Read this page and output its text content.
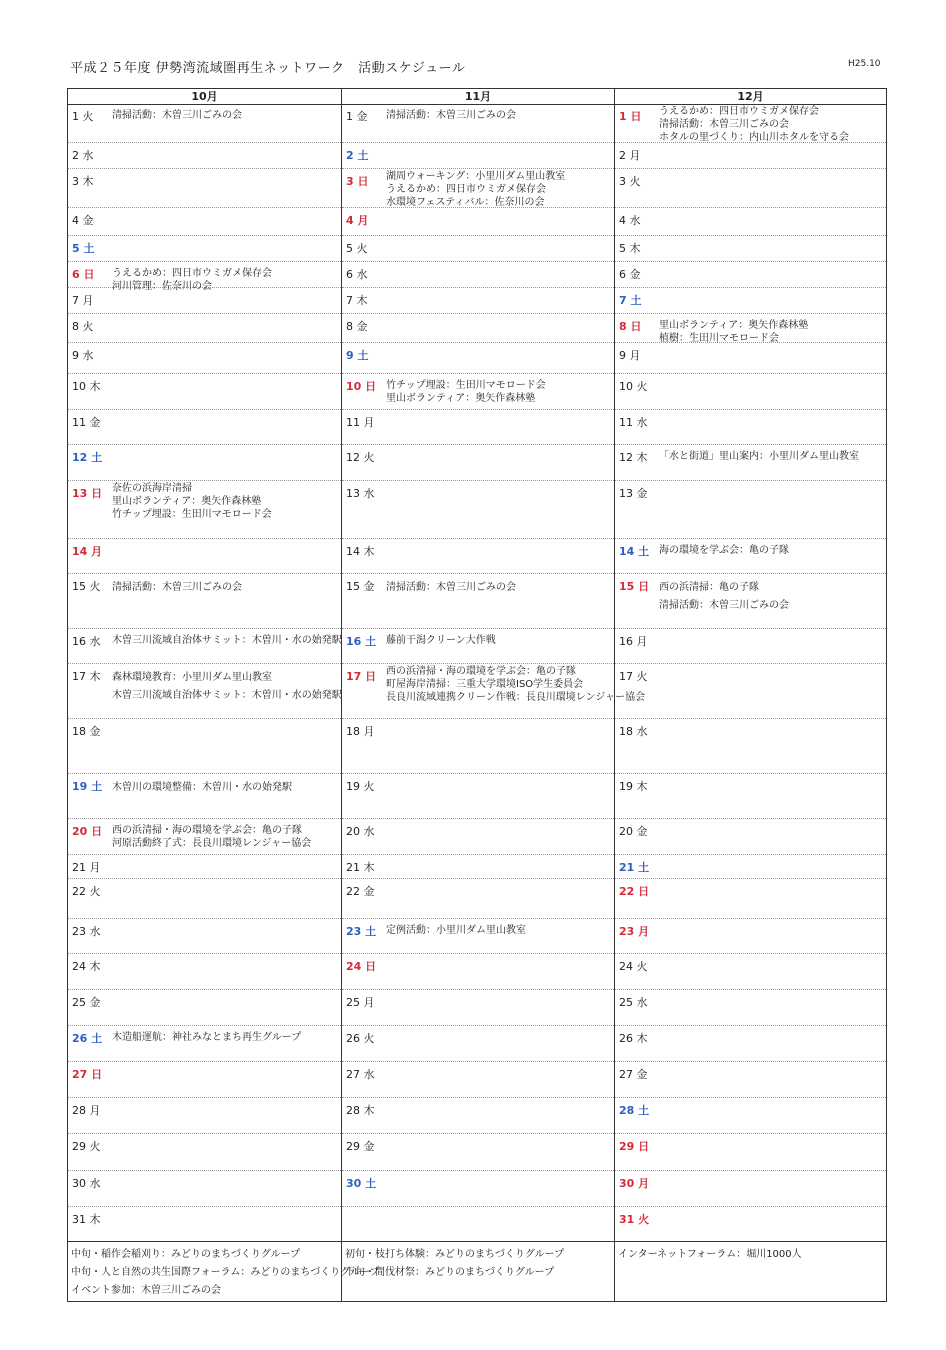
平成２５年度 伊勢湾流域圏再生ネットワーク　活動スケジュール	H25.10
10月
1 火 清掃活動：木曽三川ごみの会
2 水
3 木
4 金
5 土
6 日 うえるかめ：四日市ウミガメ保存会
河川管理：佐奈川の会
7 月
8 火
9 水
10 木
11 金
12 土
13 日 奈佐の浜海岸清掃
里山ボランティア：奥矢作森林塾
竹チップ埋設：生田川マモロード会
14 月
15 火 清掃活動：木曽三川ごみの会
16 水 木曽三川流域自治体サミット：木曽川・水の始発駅
17 木 森林環境教育：小里川ダム里山教室
木曽三川流域自治体サミット：木曽川・水の始発駅
18 金
19 土 木曽川の環境整備：木曽川・水の始発駅
20 日 西の浜清掃・海の環境を学ぶ会：亀の子隊
河原活動終了式：長良川環境レンジャー協会
21 月
22 火
23 水
24 木
25 金
26 土 木造船運航：神社みなとまち再生グループ
27 日
28 月
29 火
30 水
31 木
中旬・稲作会稲刈り：みどりのまちづくりグループ
中旬・人と自然の共生国際フォーラム：みどりのまちづくりグループ
イベント参加：木曽三川ごみの会
11月
1 金 清掃活動：木曽三川ごみの会
2 土
3 日 湖周ウォーキング：小里川ダム里山教室
うえるかめ：四日市ウミガメ保存会
水環境フェスティバル：佐奈川の会
4 月
5 火
6 水
7 木
8 金
9 土
10 日 竹チップ埋設：生田川マモロード会
里山ボランティア：奥矢作森林塾
11 月
12 火
13 水
14 木
15 金 清掃活動：木曽三川ごみの会
16 土 藤前干潟クリーン大作戦
17 日 西の浜清掃・海の環境を学ぶ会：亀の子隊
町屋海岸清掃：三重大学環境ISO学生委員会
長良川流域連携クリーン作戦：長良川環境レンジャー協会
18 月
19 火
20 水
21 木
22 金
23 土 定例活動：小里川ダム里山教室
24 日
25 月
26 火
27 水
28 木
29 金
30 土
初旬・枝打ち体験：みどりのまちづくりグループ
下旬・間伐材祭：みどりのまちづくりグループ
12月
1 日 うえるかめ：四日市ウミガメ保存会
清掃活動：木曽三川ごみの会
ホタルの里づくり：内山川ホタルを守る会
2 月
3 火
4 水
5 木
6 金
7 土
8 日 里山ボランティア：奥矢作森林塾
植樹：生田川マモロード会
9 月
10 火
11 水
12 木 「水と街道」里山案内：小里川ダム里山教室
13 金
14 土 海の環境を学ぶ会：亀の子隊
15 日 西の浜清掃：亀の子隊
清掃活動：木曽三川ごみの会
16 月
17 火
18 水
19 木
20 金
21 土
22 日
23 月
24 火
25 水
26 木
27 金
28 土
29 日
30 月
31 火
インターネットフォーラム：堀川1000人
